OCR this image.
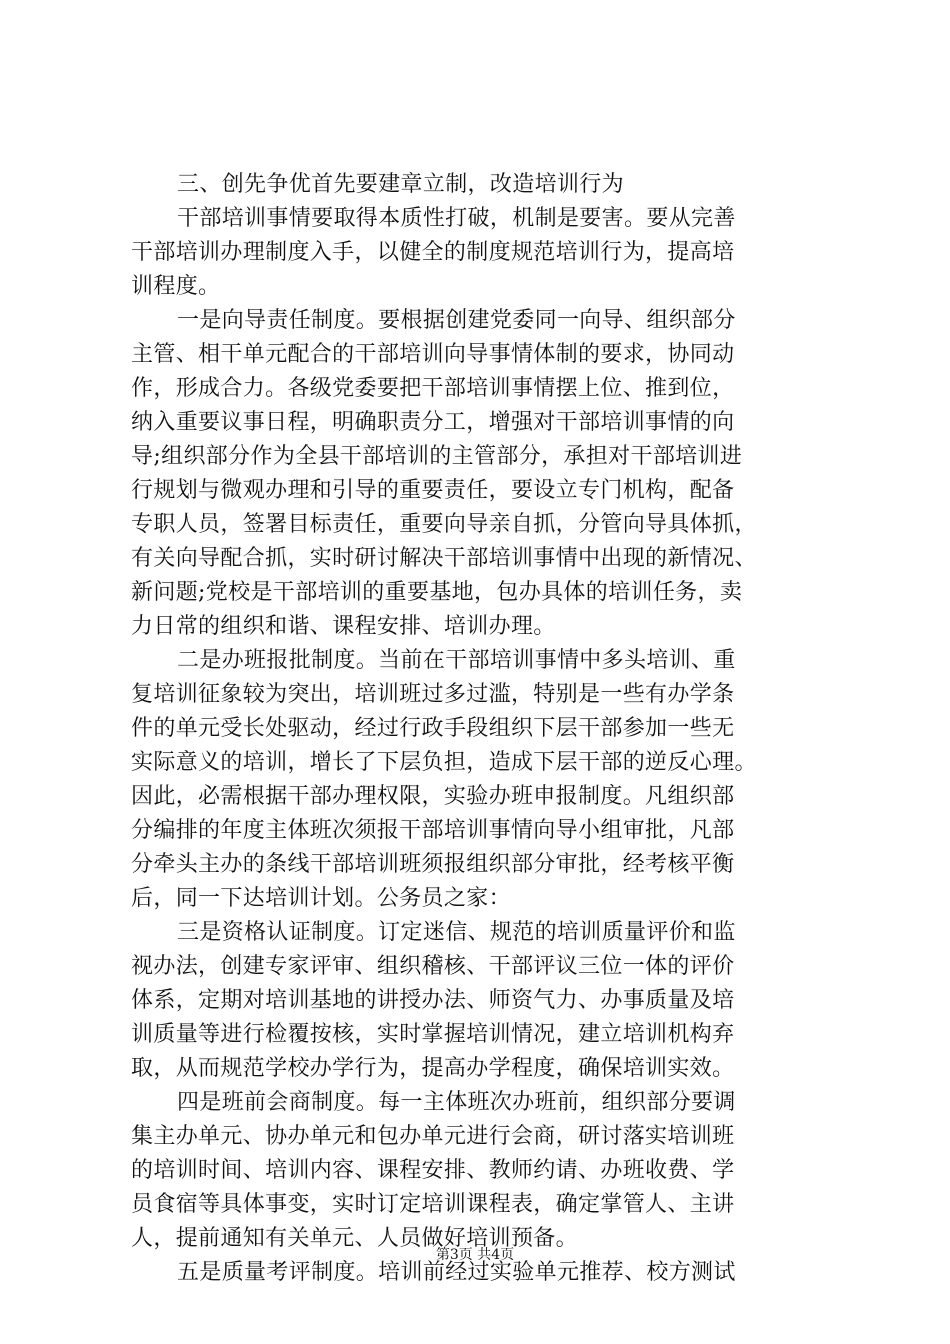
三、创先争优首先要建章立制，改造培训行为
干部培训事情要取得本质性打破，机制是要害。要从完善
干部培训办理制度入手，以健全的制度规范培训行为，提高培
训程度。
一是向导责任制度。要根据创建党委同一向导、组织部分
主管、相干单元配合的干部培训向导事情体制的要求，协同动
作，形成合力。各级党委要把干部培训事情摆上位、推到位，
纳入重要议事日程，明确职责分工，增强对干部培训事情的向
导;组织部分作为全县干部培训的主管部分，承担对干部培训进
行规划与微观办理和引导的重要责任，要设立专门机构，配备
专职人员，签署目标责任，重要向导亲自抓，分管向导具体抓，
有关向导配合抓，实时研讨解决干部培训事情中出现的新情况、
新问题;党校是干部培训的重要基地，包办具体的培训任务，卖
力日常的组织和谐、课程安排、培训办理。
二是办班报批制度。当前在干部培训事情中多头培训、重
复培训征象较为突出，培训班过多过滥，特别是一些有办学条
件的单元受长处驱动，经过行政手段组织下层干部参加一些无
实际意义的培训，增长了下层负担，造成下层干部的逆反心理。
因此，必需根据干部办理权限，实验办班申报制度。凡组织部
分编排的年度主体班次须报干部培训事情向导小组审批，凡部
分牵头主办的条线干部培训班须报组织部分审批，经考核平衡
后，同一下达培训计划。公务员之家：
三是资格认证制度。订定迷信、规范的培训质量评价和监
视办法，创建专家评审、组织稽核、干部评议三位一体的评价
体系，定期对培训基地的讲授办法、师资气力、办事质量及培
训质量等进行检覆按核，实时掌握培训情况，建立培训机构弃
取，从而规范学校办学行为，提高办学程度，确保培训实效。
四是班前会商制度。每一主体班次办班前，组织部分要调
集主办单元、协办单元和包办单元进行会商，研讨落实培训班
的培训时间、培训内容、课程安排、教师约请、办班收费、学
员食宿等具体事变，实时订定培训课程表，确定掌管人、主讲
人，提前通知有关单元、人员做好培训预备。
五是质量考评制度。培训前经过实验单元推荐、校方测试
第3页 共4页
